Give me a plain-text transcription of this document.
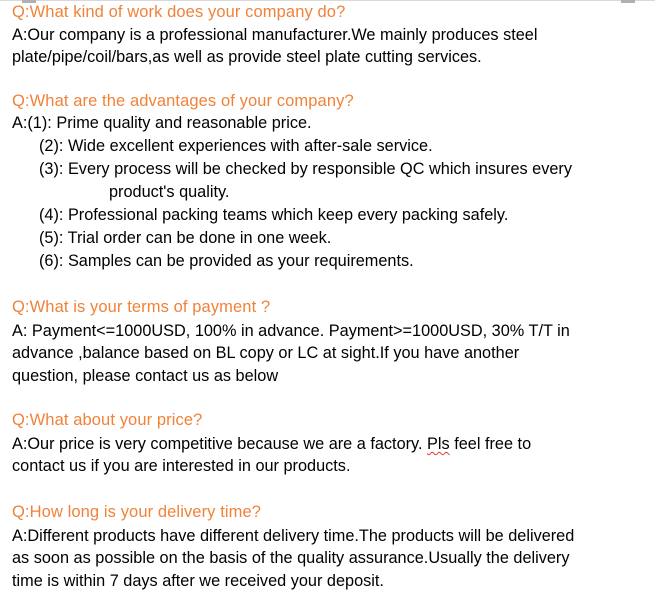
Q:What kind of work does your company do?

A:Our company is a professional manufacturer.We mainly produces steel
plate/pipe/coil/bars,as well as provide steel plate cutting services.

Q:What are the advantages of your company?

A:(1): Prime quality and reasonable price.
(2): Wide excellent experiences with after-sale service.
(3): Every process will be checked by responsible QC which insures every
product's quality.
(4): Professional packing teams which keep every packing safely.
(5): Trial order can be done in one week.
(6): Samples can be provided as your requirements.

Q:What is your terms of payment ?

A: Payment<=1000USD, 100% in advance. Payment>=1000USD, 30% T/T in
advance ,balance based on BL copy or LC at sight.If you have another
question, please contact us as below

Q:What about your price?

A:Our price is very competitive because we are a factory. Pls feel free to
contact us if you are interested in our products.

Q:How long is your delivery time?

A:Different products have different delivery time.The products will be delivered
as soon as possible on the basis of the quality assurance.Usually the delivery
time is within 7 days after we received your deposit.
